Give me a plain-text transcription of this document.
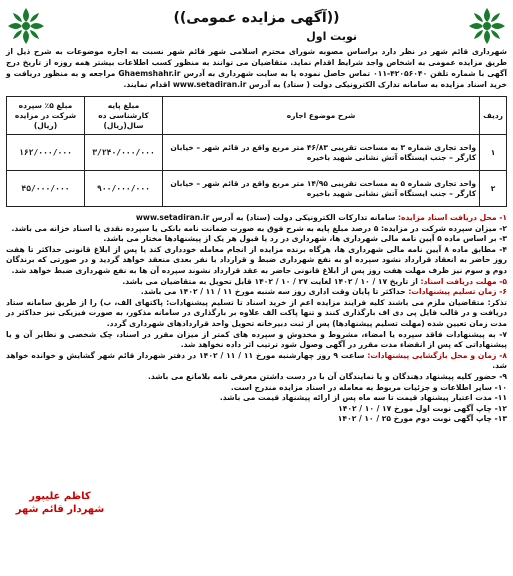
((آگهی مزایده عمومی))
نوبت اول
شهرداری قائم شهر در نظر دارد براساس مصوبه شورای محترم اسلامی شهر قائم شهر نسبت به اجاره موضوعات به شرح ذیل از طریق مزایده عمومی به اشخاص واجد شرایط اقدام نماید. متقاضیان می توانند به منظور کسب اطلاعات بیشتر همه روزه از تاریخ درج آگهی با شماره تلفن ۴۲۰۵۶۰۴۰-۰۱۱ تماس حاصل نموده یا به سایت شهرداری به آدرس Ghaemshahr.ir مراجعه و به منظور دریافت و خرید اسناد مزایده به سامانه تدارک الکترونیکی دولت ( ستاد) به آدرس www.setadiran.ir اقدام نمایند.
ردیف	شرح موضوع اجاره	مبلغ پایه کارشناسی ده سال(ریال)	مبلغ ۵٪ سپرده شرکت در مزایده (ریال)
۱	واحد تجاری شماره ۳ به مساحت تقریبی ۴۶/۸۳ متر مربع واقع در قائم شهر – خیابان کارگر – جنب ایستگاه آتش نشانی شهید باخیره	۳/۲۴۰/۰۰۰/۰۰۰	۱۶۲/۰۰۰/۰۰۰
۲	واحد تجاری شماره ۵ به مساحت تقریبی ۱۴/۹۵ متر مربع واقع در قائم شهر – خیابان کارگر – جنب ایستگاه آتش نشانی شهید باخیره	۹۰۰/۰۰۰/۰۰۰	۴۵/۰۰۰/۰۰۰

۱- محل دریافت اسناد مزایده: سامانه تدارکات الکترونیکی دولت (ستاد) به آدرس www.setadiran.ir

۲- میزان سپرده شرکت در مزایده: ۵ درصد مبلغ پایه به شرح فوق به صورت ضمانت نامه بانکی یا سپرده نقدی یا اسناد خزانه می باشد.

۳- بر اساس ماده ۵ آیین نامه مالی شهرداری ها، شهرداری در رد یا قبول هر یک از پیشنهادها مختار می باشد.

۴- مطابق ماده ۸ آیین نامه مالی شهرداری ها، هرگاه برنده مزایده از انجام معامله خودداری کند یا پس از ابلاغ قانونی حداکثر تا هفت روز حاضر به انعقاد قرارداد نشود سپرده او به نفع شهرداری ضبط و قرارداد با نفر بعدی منعقد خواهد گردید و در صورتی که برندگان دوم و سوم نیز ظرف مهلت هفت روز پس از ابلاغ قانونی حاضر به عقد قرارداد نشوند سپرده آن ها به نفع شهرداری ضبط خواهد شد.

۵- مهلت دریافت اسناد: از تاریخ ۱۷ / ۱۰ / ۱۴۰۲ لغایت ۲۷ / ۱۰ / ۱۴۰۲ قابل تحویل به متقاضیان می باشد.

۶- زمان تسلیم پیشنهادات: حداکثر تا پایان وقت اداری روز سه شنبه مورخ ۱۱ / ۱۱ / ۱۴۰۲ می باشد.

تذکر: متقاضیان ملزم می باشند کلیه فرایند مزایده اعم از خرید اسناد تا تسلیم پیشنهادات: پاکتهای الف، ب) را از طریق سامانه ستاد دریافت و در قالب فایل پی دی اف بارگذاری کنند و تنها پاکت الف علاوه بر بارگذاری در سامانه مذکور، به صورت فیزیکی نیز حداکثر در مدت زمان تعیین شده (مهلت تسلیم پیشنهادها) پس از ثبت دبیرخانه تحویل واحد قراردادهای شهرداری گردد.

۷- به پیشنهادات فاقد سپرده یا امضاء، مشروط و مخدوش و سپرده های کمتر از میزان مقرر در اسناد، چک شخصی و نظایر آن و یا پیشنهاداتی که پس از انقضاء مدت مقرر در آگهی وصول شود ترتیب اثر داده نخواهد شد.

۸- زمان و محل بازگشایی پیشنهادات: ساعت ۹ روز چهارشنبه مورخ ۱۱ / ۱۱ / ۱۴۰۲ در دفتر شهردار قائم شهر گشایش و خوانده خواهد شد.

۹- حضور کلیه پیشنهاد دهندگان و یا نمایندگان آن با در دست داشتن معرفی نامه بلامانع می باشد.

۱۰- سایر اطلاعات و جزئیات مربوط به معامله در اسناد مزایده مندرج است.

۱۱- مدت اعتبار پیشنهاد قیمت تا سه ماه پس از ارائه پیشنهاد قیمت می باشد.

۱۲- چاپ آگهی نوبت اول مورخ ۱۷ / ۱۰ / ۱۴۰۲

۱۳- چاپ آگهی نوبت دوم مورخ ۲۵ / ۱۰ / ۱۴۰۲

کاظم علیپور
شهردار قائم شهر
